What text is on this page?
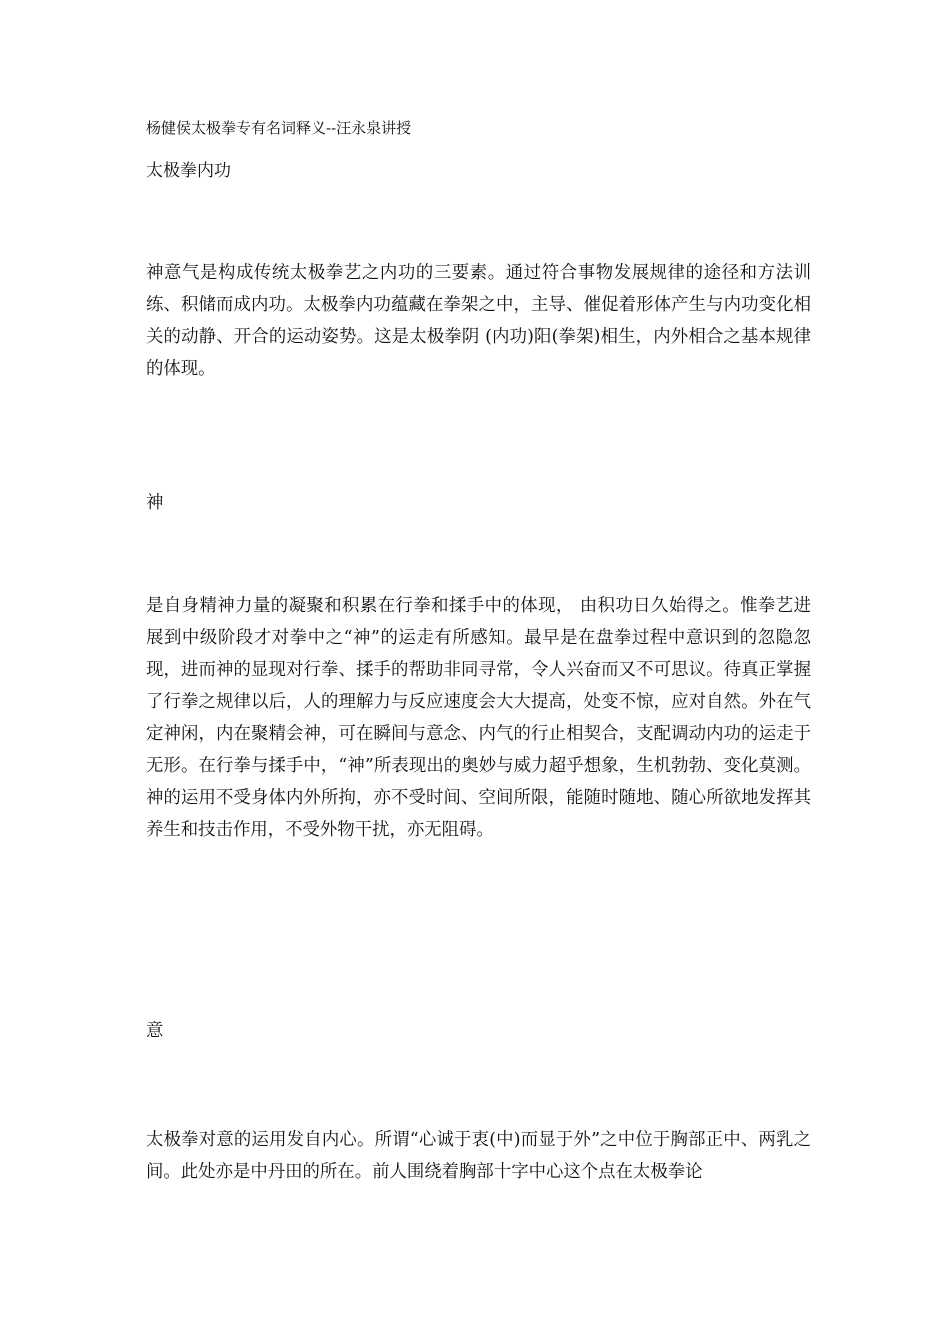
杨健侯太极拳专有名词释义--汪永泉讲授
太极拳内功

神意气是构成传统太极拳艺之内功的三要素。通过符合事物发展规律的途径和方法训练、积储而成内功。太极拳内功蕴藏在拳架之中，主导、催促着形体产生与内功变化相关的动静、开合的运动姿势。这是太极拳阴 (内功)阳(拳架)相生，内外相合之基本规律的体现。

神

是自身精神力量的凝聚和积累在行拳和揉手中的体现， 由积功日久始得之。惟拳艺进展到中级阶段才对拳中之“神”的运走有所感知。最早是在盘拳过程中意识到的忽隐忽现，进而神的显现对行拳、揉手的帮助非同寻常，令人兴奋而又不可思议。待真正掌握了行拳之规律以后，人的理解力与反应速度会大大提高，处变不惊，应对自然。外在气定神闲，内在聚精会神，可在瞬间与意念、内气的行止相契合，支配调动内功的运走于无形。在行拳与揉手中，“神”所表现出的奥妙与威力超乎想象，生机勃勃、变化莫测。神的运用不受身体内外所拘，亦不受时间、空间所限，能随时随地、随心所欲地发挥其养生和技击作用，不受外物干扰，亦无阻碍。

意

太极拳对意的运用发自内心。所谓“心诚于衷(中)而显于外”之中位于胸部正中、两乳之间。此处亦是中丹田的所在。前人围绕着胸部十字中心这个点在太极拳论
